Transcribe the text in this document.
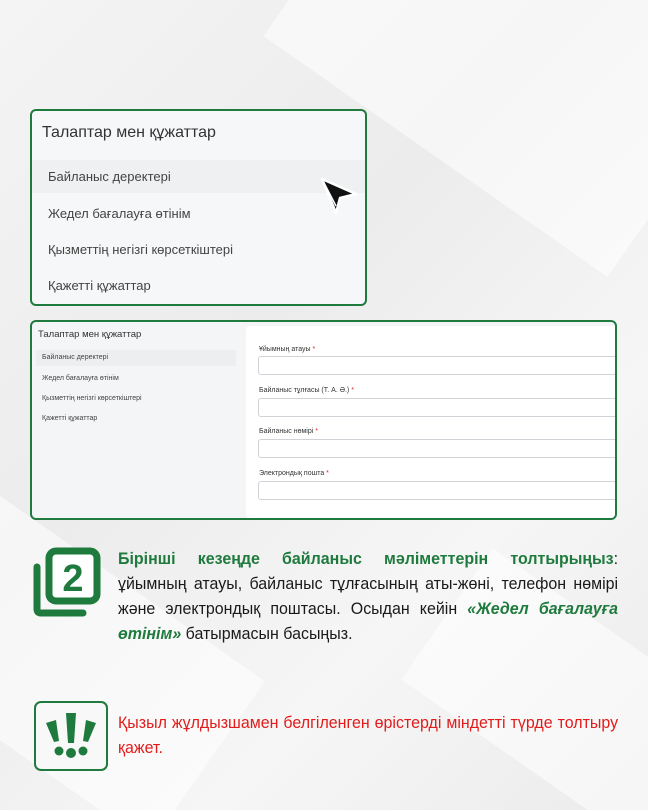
Талаптар мен құжаттар
Байланыс деректері
Жедел бағалауға өтінім
Қызметтің негізгі көрсеткіштері
Қажетті құжаттар
Талаптар мен құжаттар
Байланыс деректері
Жедел бағалауға өтінім
Қызметтің негізгі көрсеткіштері
Қажетті құжаттар
Ұйымның атауы *
Байланыс тұлғасы (Т. А. Ә.) *
Байланыс нөмірі *
Электрондық пошта *
2 Бірінші кезеңде байланыс мәліметтерін толтырыңыз: ұйымның атауы, байланыс тұлғасының аты-жөні, телефон нөмірі және электрондық поштасы. Осыдан кейін «Жедел бағалауға өтінім» батырмасын басыңыз.
Қызыл жұлдызшамен белгіленген өрістерді міндетті түрде толтыру қажет.
